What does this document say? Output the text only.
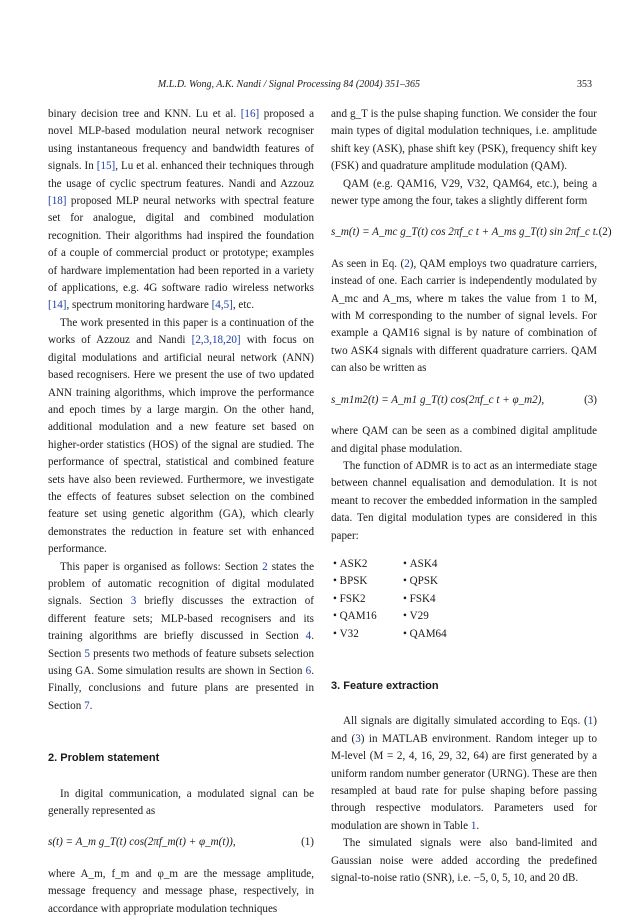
M.L.D. Wong, A.K. Nandi / Signal Processing 84 (2004) 351–365	353

binary decision tree and KNN. Lu et al. [16] proposed a novel MLP-based modulation neural network recogniser using instantaneous frequency and bandwidth features of signals. In [15], Lu et al. enhanced their techniques through the usage of cyclic spectrum features. Nandi and Azzouz [18] proposed MLP neural networks with spectral feature set for analogue, digital and combined modulation recognition. Their algorithms had inspired the foundation of a couple of commercial product or prototype; examples of hardware implementation had been reported in a variety of applications, e.g. 4G software radio wireless networks [14], spectrum monitoring hardware [4,5], etc.

The work presented in this paper is a continuation of the works of Azzouz and Nandi [2,3,18,20] with focus on digital modulations and artificial neural network (ANN) based recognisers. Here we present the use of two updated ANN training algorithms, which improve the performance and epoch times by a large margin. On the other hand, additional modulation and a new feature set based on higher-order statistics (HOS) of the signal are studied. The performance of spectral, statistical and combined feature sets have also been reviewed. Furthermore, we investigate the effects of features subset selection on the combined feature set using genetic algorithm (GA), which clearly demonstrates the reduction in feature set with enhanced performance.

This paper is organised as follows: Section 2 states the problem of automatic recognition of digital modulated signals. Section 3 briefly discusses the extraction of different feature sets; MLP-based recognisers and its training algorithms are briefly discussed in Section 4. Section 5 presents two methods of feature subsets selection using GA. Some simulation results are shown in Section 6. Finally, conclusions and future plans are presented in Section 7.

2. Problem statement

In digital communication, a modulated signal can be generally represented as

s(t) = A_m g_T(t) cos(2πf_m(t) + φ_m(t)),	(1)

where A_m, f_m and φ_m are the message amplitude, message frequency and message phase, respectively, in accordance with appropriate modulation techniques

and g_T is the pulse shaping function. We consider the four main types of digital modulation techniques, i.e. amplitude shift key (ASK), phase shift key (PSK), frequency shift key (FSK) and quadrature amplitude modulation (QAM).

QAM (e.g. QAM16, V29, V32, QAM64, etc.), being a newer type among the four, takes a slightly different form

s_m(t) = A_mc g_T(t) cos 2πf_c t + A_ms g_T(t) sin 2πf_c t. (2)

As seen in Eq. (2), QAM employs two quadrature carriers, instead of one. Each carrier is independently modulated by A_mc and A_ms, where m takes the value from 1 to M, with M corresponding to the number of signal levels. For example a QAM16 signal is by nature of combination of two ASK4 signals with different quadrature carriers. QAM can also be written as

s_m1m2(t) = A_m1 g_T(t) cos(2πf_c t + φ_m2),	(3)

where QAM can be seen as a combined digital amplitude and digital phase modulation.

The function of ADMR is to act as an intermediate stage between channel equalisation and demodulation. It is not meant to recover the embedded information in the sampled data. Ten digital modulation types are considered in this paper:

• ASK2	• ASK4
• BPSK	• QPSK
• FSK2	• FSK4
• QAM16	• V29
• V32	• QAM64
3. Feature extraction

All signals are digitally simulated according to Eqs. (1) and (3) in MATLAB environment. Random integer up to M-level (M = 2, 4, 16, 29, 32, 64) are first generated by a uniform random number generator (URNG). These are then resampled at baud rate for pulse shaping before passing through respective modulators. Parameters used for modulation are shown in Table 1.

The simulated signals were also band-limited and Gaussian noise were added according the predefined signal-to-noise ratio (SNR), i.e. −5, 0, 5, 10, and 20 dB.
